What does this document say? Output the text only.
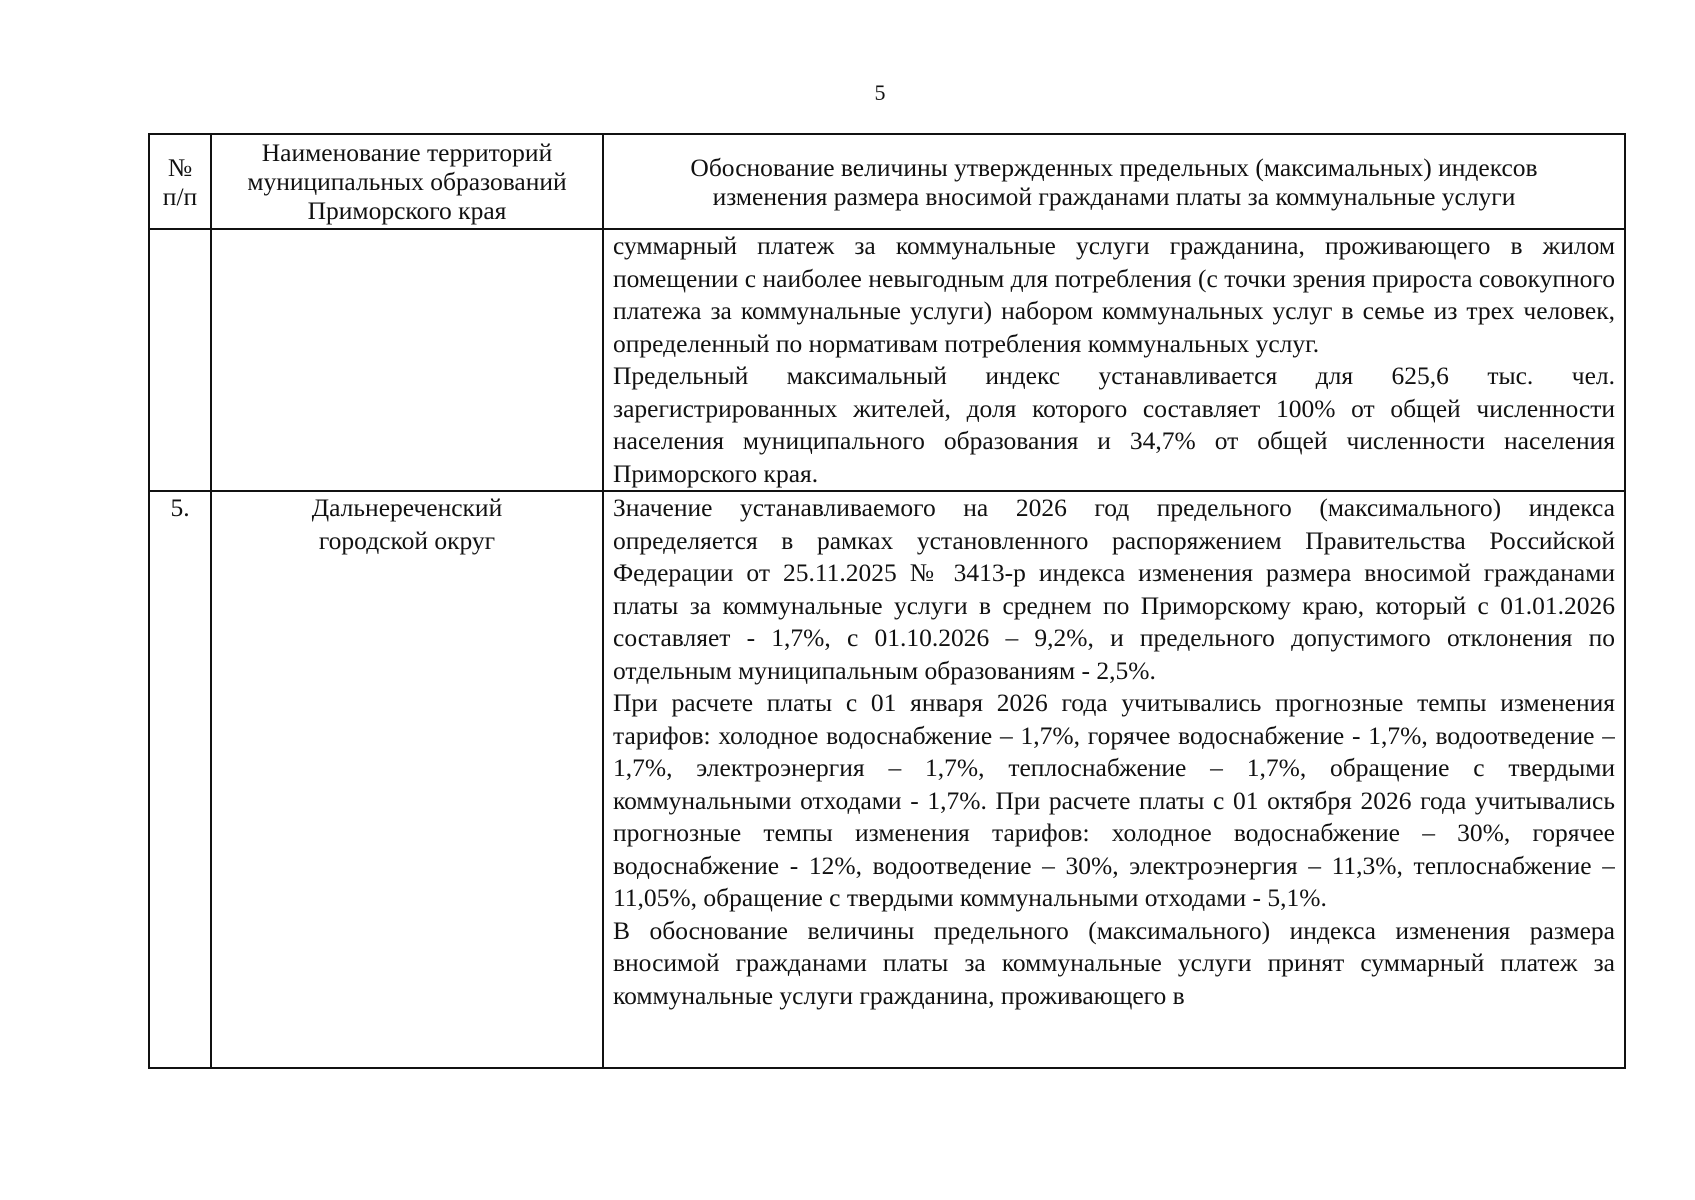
5
№ п/п	Наименование территорий муниципальных образований Приморского края	Обоснование величины утвержденных предельных (максимальных) индексов изменения размера вносимой гражданами платы за коммунальные услуги

		суммарный платеж за коммунальные услуги гражданина, проживающего в жилом помещении с наиболее невыгодным для потребления (с точки зрения прироста совокупного платежа за коммунальные услуги) набором коммунальных услуг в семье из трех человек, определенный по нормативам потребления коммунальных услуг.

Предельный максимальный индекс устанавливается для 625,6 тыс. чел. зарегистрированных жителей, доля которого составляет 100% от общей численности населения муниципального образования и 34,7% от общей численности населения Приморского края.

5.	Дальнереченский городской округ	Значение устанавливаемого на 2026 год предельного (максимального) индекса определяется в рамках установленного распоряжением Правительства Российской Федерации от 25.11.2025 № 3413-р индекса изменения размера вносимой гражданами платы за коммунальные услуги в среднем по Приморскому краю, который с 01.01.2026 составляет - 1,7%, с 01.10.2026 – 9,2%, и предельного допустимого отклонения по отдельным муниципальным образованиям - 2,5%.

При расчете платы с 01 января 2026 года учитывались прогнозные темпы изменения тарифов: холодное водоснабжение – 1,7%, горячее водоснабжение - 1,7%, водоотведение – 1,7%, электроэнергия – 1,7%, теплоснабжение – 1,7%, обращение с твердыми коммунальными отходами - 1,7%. При расчете платы с 01 октября 2026 года учитывались прогнозные темпы изменения тарифов: холодное водоснабжение – 30%, горячее водоснабжение - 12%, водоотведение – 30%, электроэнергия – 11,3%, теплоснабжение – 11,05%, обращение с твердыми коммунальными отходами - 5,1%.

В обоснование величины предельного (максимального) индекса изменения размера вносимой гражданами платы за коммунальные услуги принят суммарный платеж за коммунальные услуги гражданина, проживающего в
